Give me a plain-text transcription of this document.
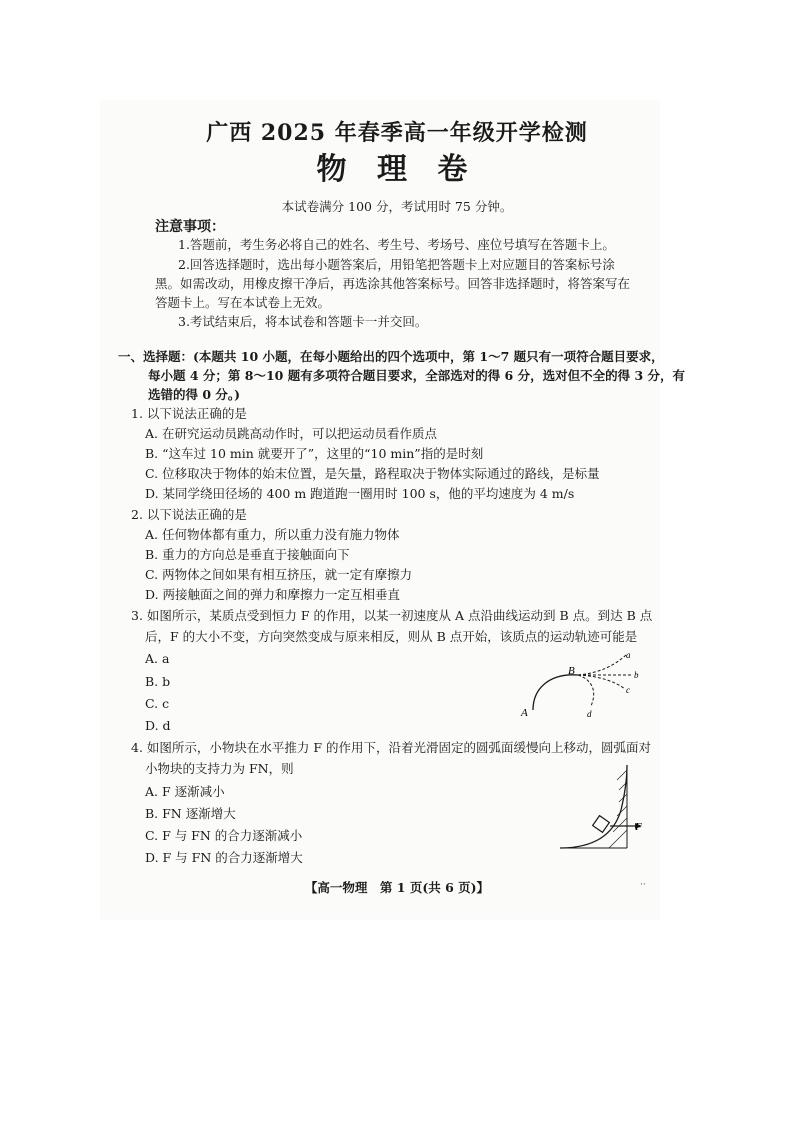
广西 2025 年春季高一年级开学检测
物 理 卷
本试卷满分 100 分，考试用时 75 分钟。
注意事项：
1.答题前，考生务必将自己的姓名、考生号、考场号、座位号填写在答题卡上。
2.回答选择题时，选出每小题答案后，用铅笔把答题卡上对应题目的答案标号涂
黑。如需改动，用橡皮擦干净后，再选涂其他答案标号。回答非选择题时，将答案写在
答题卡上。写在本试卷上无效。
3.考试结束后，将本试卷和答题卡一并交回。
一、选择题：(本题共 10 小题，在每小题给出的四个选项中，第 1～7 题只有一项符合题目要求，
每小题 4 分；第 8～10 题有多项符合题目要求，全部选对的得 6 分，选对但不全的得 3 分，有
选错的得 0 分。)
1. 以下说法正确的是
A. 在研究运动员跳高动作时，可以把运动员看作质点
B. “这车过 10 min 就要开了”，这里的“10 min”指的是时刻
C. 位移取决于物体的始末位置，是矢量，路程取决于物体实际通过的路线，是标量
D. 某同学绕田径场的 400 m 跑道跑一圈用时 100 s，他的平均速度为 4 m/s
2. 以下说法正确的是
A. 任何物体都有重力，所以重力没有施力物体
B. 重力的方向总是垂直于接触面向下
C. 两物体之间如果有相互挤压，就一定有摩擦力
D. 两接触面之间的弹力和摩擦力一定互相垂直
3. 如图所示，某质点受到恒力 F 的作用，以某一初速度从 A 点沿曲线运动到 B 点。到达 B 点
后，F 的大小不变，方向突然变成与原来相反，则从 B 点开始，该质点的运动轨迹可能是
A. a
B. b
C. c
D. d
A
B
a
b
c
d
4. 如图所示，小物块在水平推力 F 的作用下，沿着光滑固定的圆弧面缓慢向上移动，圆弧面对
小物块的支持力为 FN，则
A. F 逐渐减小
B. FN 逐渐增大
C. F 与 FN 的合力逐渐减小
D. F 与 FN 的合力逐渐增大
F
【高一物理　第 1 页(共 6 页)】	··
